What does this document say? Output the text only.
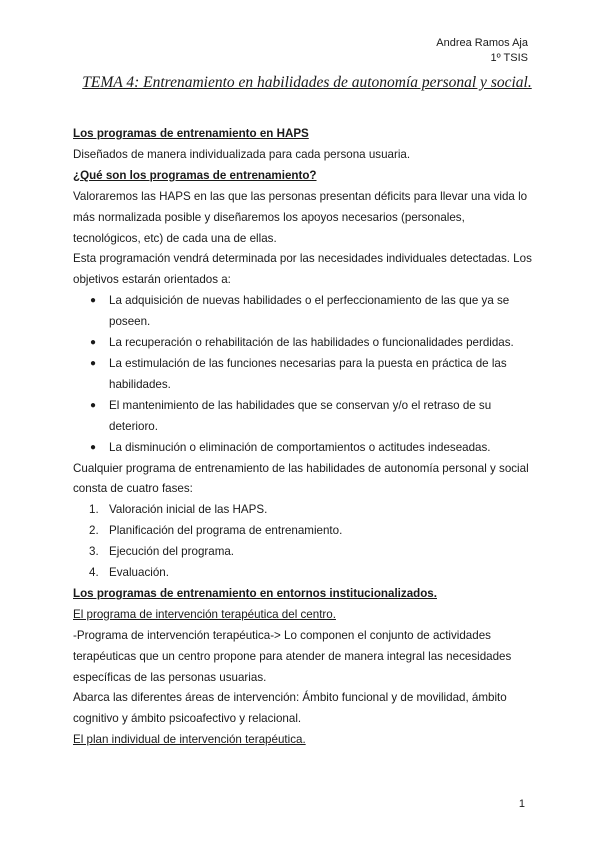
Andrea Ramos Aja
1º TSIS
TEMA 4: Entrenamiento en habilidades de autonomía personal y social.

Los programas de entrenamiento en HAPS

Diseñados de manera individualizada para cada persona usuaria.

¿Qué son los programas de entrenamiento?

Valoraremos las HAPS en las que las personas presentan déficits para llevar una vida lo más normalizada posible y diseñaremos los apoyos necesarios (personales, tecnológicos, etc) de cada una de ellas.

Esta programación vendrá determinada por las necesidades individuales detectadas. Los objetivos estarán orientados a:

● La adquisición de nuevas habilidades o el perfeccionamiento de las que ya se poseen.
● La recuperación o rehabilitación de las habilidades o funcionalidades perdidas.
● La estimulación de las funciones necesarias para la puesta en práctica de las habilidades.
● El mantenimiento de las habilidades que se conservan y/o el retraso de su deterioro.
● La disminución o eliminación de comportamientos o actitudes indeseadas.

Cualquier programa de entrenamiento de las habilidades de autonomía personal y social consta de cuatro fases:

1. Valoración inicial de las HAPS.
2. Planificación del programa de entrenamiento.
3. Ejecución del programa.
4. Evaluación.

Los programas de entrenamiento en entornos institucionalizados.

El programa de intervención terapéutica del centro.

-Programa de intervención terapéutica-> Lo componen el conjunto de actividades terapéuticas que un centro propone para atender de manera integral las necesidades específicas de las personas usuarias.

Abarca las diferentes áreas de intervención: Ámbito funcional y de movilidad, ámbito cognitivo y ámbito psicoafectivo y relacional.

El plan individual de intervención terapéutica.

1
